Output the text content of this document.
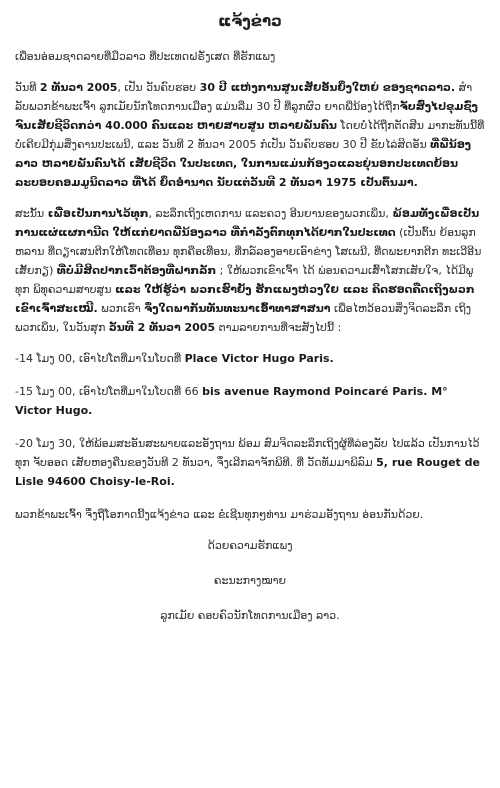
ແຈ້ງຂ່າວ

ເພື່ອນອ່ອມຊາດລາຍທີ່ມືວລາວ ທີ່ປະເທດຝຣັ່ງເສດ ທີ່ຮັກແພງ

ວັນທີ 2 ທັນວາ 2005, ເປັນ ວັນຄົບຮອບ 30 ປີ ແຫ່ງການສູນເສັຍອັນຍິ່ງໃຫຍ່ ຂອງຊາດລາວ. ສໍາລັບພວກຂ້າພະເຈົ້າ ລູກເມັຍນັກໂທດການເມືອງ ແມ່ນລືມ 30 ປີ ທີ່ລູກຜົວ ຍາດພີ່ນ້ອງໄດ້ຖືກຈັບສົ່ງໄປຂຸມຊົ່ງ ຈົນເສັຍຊີວິດກວ່າ 40.000 ຄົນແລະ ຫາຍສາບສູນ ຫລາຍພັນຄົນ ໂດຍບໍ່ໄດ້ຖືກຕັດສີນ ມາກະທັນນີ້ທີ່ ບໍ່ເຄີຍມີກຸ່ມສິ່ງຄານປະເພນີ, ແລະ ວັນທີ 2 ທັນວາ 2005 ກໍເປັນ ວັນຄົບຮອບ 30 ປີ ຂັບໄລ່ສິດອັນ ທີ່ພີ່ນ້ອງລາວ ຫລາຍພັນຄົນໄດ້ ເສັຍຊີວິດ ໃນປະເທດ, ໃນການແມ່ນກ້ອງວແລະຍຸ່ນອກປະເທດຍ້ອນລະບອບຄອມມູນິດລາວ ທີ່ໄດ້ ຍຶດອຳນາດ ນັບແຕ່ວັນທີ 2 ທັນວາ 1975 ເປັນຕົ້ນມາ.

ສະນັ້ນ ເພື່ອເປັນການໄວ້ທຸກ, ລະລຶກເຖິງເຫດການ ແລະຄວງ ອີນຍານຂອງພວກເພິ່ນ, ພ້ອມທັງເພື່ອເປັນການແຜ່ແຜການີດ ໃຫ້ແກ່ຍາດພີ່ນ້ອງລາວ ທີ່ກຳລັງຕົກທຸກໄດ້ຍາກໃນປະເທດ (ເປັນຕົ້ນ ຍ້ອນລູກຫລານ ທີ່ດຽາເສນຕີກໃຫ້ໂທດເທືອນ ທຸກຄືອເທືອນ, ທີ່ກລ໌ລອງອາຍເອົາຂ່າງ ໂສເພນີ, ທີ່ດພະຍາກຕີກ ທະເວີອີນ ເສັ້ຍກຽ) ທີ່ບໍ່ມີສິດປາກເວົ້າຕ້ອງທີ່ຝາກລັກ ; ໃຫ້ພວກເຂົາເຈົ້າ ໄດ້ ພ່ອນຄວາມເສົ້າໂສກເສັຍໃຈ, ໄດ້ມີພູທຸກ ພິທຸຄວາມສາບສູນ ແລະ ໃຫ້ຮູ້ວ່າ ພວກເຮົາຍັງ ຮັກແພງຫ່ວງໃຍ ແລະ ຄິດຮອດຄືດເຖິງພວກເຂົາເຈົ້າສະເໝີ. ພວກເຮົາ ຈຶ່ງໃດພາກັນທັນທະນາເອົ້າທາສາສນາ ເພື່ອໄຫວ້ອວນສິ່ງຈິດລະລຶກ ເຖິງພວກເພິ່ນ, ໃນວັນສຸກ ວັນທີ 2 ທັນວາ 2005 ຕາມລາຍການທີ່ຈະສັງໄປນີ້ :

-14 ໂມງ 00, ເອົາໄປໂຕທີ່ມາໃນໂບດທີ່ Place Victor Hugo Paris.

-15 ໂມງ 00, ເອົາໄປໂຕທີ່ມາໃນໂບດທີ່ 66 bis avenue Raymond Poincaré Paris. M° Victor Hugo.

-20 ໂມງ 30, ໃຫ້ພ້ອມສະອັນສະພາຍແລະອັງຖານ ພ້ອມ ສົມຈິດລະລຶກເຖິງຜູ້ທີ່ລ່ອງລັບ ໄປແລ້ວ ເປັນການໄວ້ທຸກ ຈັບອອດ ເສັຍຫອງຄືນຂອງວັນທີ 2 ທັນວາ, ຈຶ່ງເລີກລາຈັກພິທີ. ທີ່ ວັດທັມມາພິລົມ 5, rue Rouget de Lisle 94600 Choisy-le-Roi.

ພວກຂ້າພະເຈົ້າ ຈຶ່ງຖືໂອກາດນີ້ງແຈ້ງຂ່າວ ແລະ ຂໍເຊີນທຸກໆທ່ານ ມາຮ່ວມອັງຖານ ອ່ອນກັນດ້ວຍ.

ດ້ວຍຄວາມຮັກແພງ

ຄະນະກາງໝາຍ

ລູກເມັຍ ຄອບຄົວນັກໂທດການເມືອງ ລາວ.
